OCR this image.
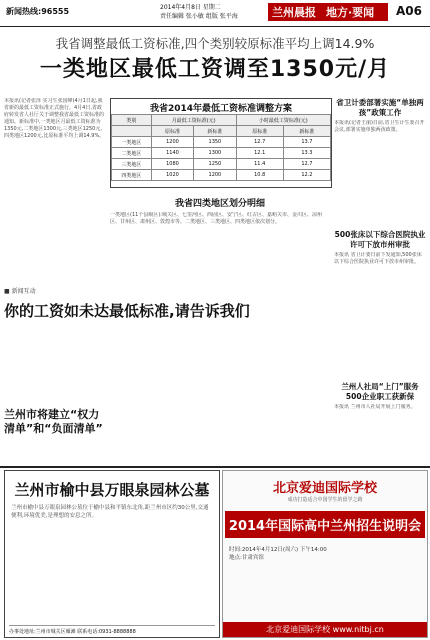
新闻热线:96555	2014年4月8日 星期二
责任编辑 张小敏 组版 张平海	兰州晨报 地方·要闻	A06
我省调整最低工资标准,四个类别较原标准平均上调14.9%
一类地区最低工资调至1350元/月

本报讯(记者张泽 实习生张国峰)4月1日起,我省新的最低工资标准正式施行。4月4日,省政府转发省人社厅关于调整我省最低工资标准的通知。新标准中,一类地区月最低工资标准为1350元,二类地区1300元,三类地区1250元,四类地区1200元,比原标准平均上调14.9%。

我省2014年最低工资标准调整方案
类别	月最低工资标准(元)		小时最低工资标准(元)	
	原标准	新标准	原标准	新标准
一类地区	1200	1350	12.7	13.7
二类地区	1140	1300	12.1	13.3
三类地区	1080	1250	11.4	12.7
四类地区	1020	1200	10.8	12.2
我省四类地区划分明细
一类地区(11个县级区):城关区、七里河区、西固区、安宁区、红古区、嘉峪关市、金川区、凉州区、甘州区、肃州区、敦煌市等。二类地区、三类地区、四类地区依次划分。
省卫计委部署实施“单独两孩”政策工作
本报讯(记者王丽)日前,省卫生计生委召开会议,部署实施单独两孩政策。
500张床以下综合医院执业许可下放市州审批
本报讯 省卫计委日前下发通知,500张床以下综合医院执业许可下放市州审批。
兰州人社局“上门”服务500企业职工获新保
本报讯 兰州市人社局开展上门服务。
■ 新闻互动
你的工资如未达最低标准,请告诉我们
兰州市将建立“权力清单”和“负面清单”
兰州市榆中县万眼泉园林公墓
兰州市榆中县万眼泉园林公墓位于榆中县和平镇东北角,距兰州市区约30公里,交通便利,环境优美,是理想的安息之所。
办事处地址:兰州市城关区雁滩 联系电话:0931-8888888
北京爱迪国际学校
成功打造适合中国学生的留学之路
2014年国际高中兰州招生说明会
时间:2014年4月12日(周六) 下午14:00
地点:甘肃宾馆
北京爱迪国际学校 www.nitbj.cn
